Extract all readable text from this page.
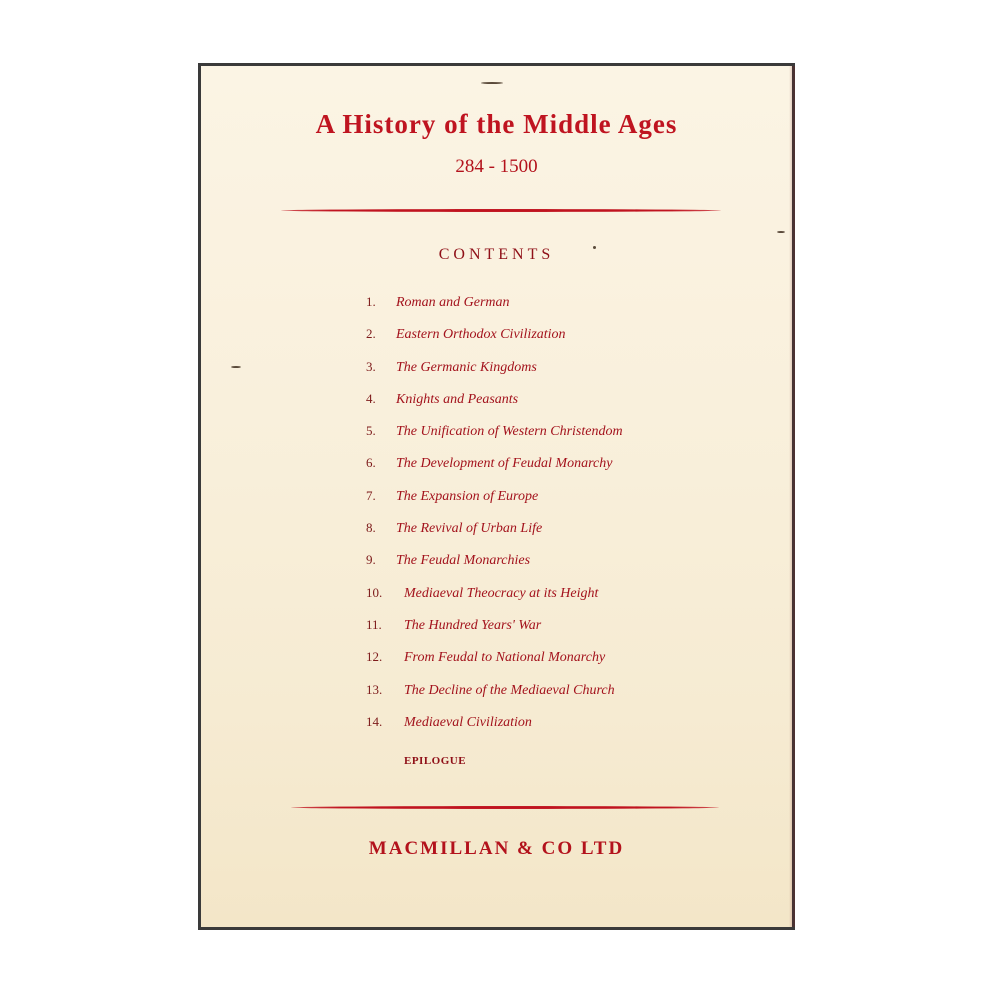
A History of the Middle Ages
284 - 1500
CONTENTS
1.	Roman and German
2.	Eastern Orthodox Civilization
3.	The Germanic Kingdoms
4.	Knights and Peasants
5.	The Unification of Western Christendom
6.	The Development of Feudal Monarchy
7.	The Expansion of Europe
8.	The Revival of Urban Life
9.	The Feudal Monarchies
10.	Mediaeval Theocracy at its Height
11.	The Hundred Years' War
12.	From Feudal to National Monarchy
13.	The Decline of the Mediaeval Church
14.	Mediaeval Civilization
EPILOGUE
MACMILLAN & CO LTD
